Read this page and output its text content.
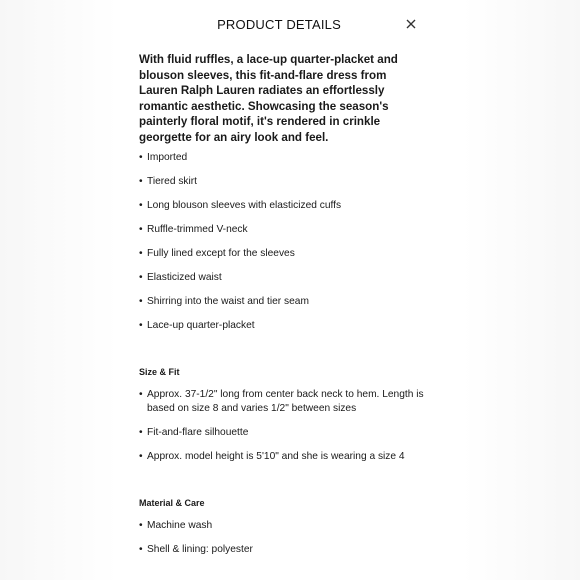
PRODUCT DETAILS
With fluid ruffles, a lace-up quarter-placket and blouson sleeves, this fit-and-flare dress from Lauren Ralph Lauren radiates an effortlessly romantic aesthetic. Showcasing the season's painterly floral motif, it's rendered in crinkle georgette for an airy look and feel.
• Imported
• Tiered skirt
• Long blouson sleeves with elasticized cuffs
• Ruffle-trimmed V-neck
• Fully lined except for the sleeves
• Elasticized waist
• Shirring into the waist and tier seam
• Lace-up quarter-placket
Size & Fit
• Approx. 37-1/2" long from center back neck to hem. Length is based on size 8 and varies 1/2" between sizes
• Fit-and-flare silhouette
• Approx. model height is 5'10" and she is wearing a size 4
Material & Care
• Machine wash
• Shell & lining: polyester
